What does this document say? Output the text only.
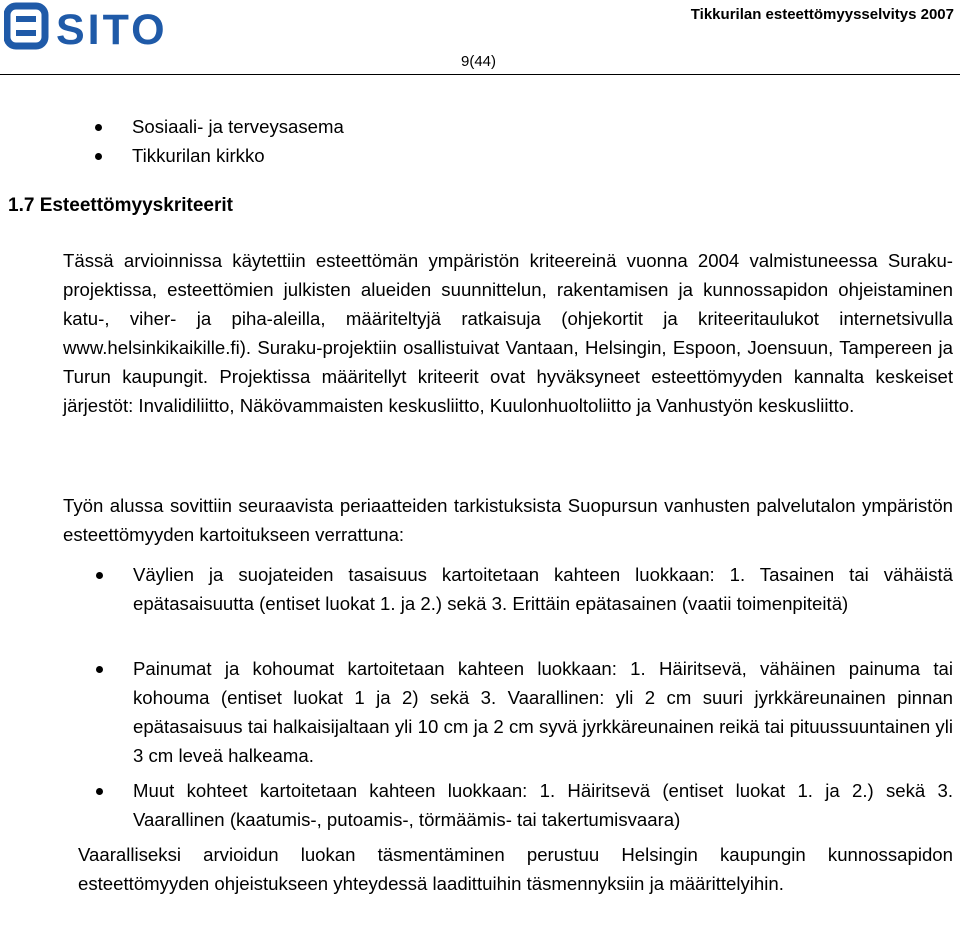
SITO	Tikkurilan esteettömyysselvitys 2007
9(44)
Sosiaali- ja terveysasema
Tikkurilan kirkko
1.7 Esteettömyyskriteerit

Tässä arvioinnissa käytettiin esteettömän ympäristön kriteereinä vuonna 2004 valmistuneessa Suraku-projektissa, esteettömien julkisten alueiden suunnittelun, rakentamisen ja kunnossapidon ohjeistaminen katu-, viher- ja piha-aleilla, määriteltyjä ratkaisuja (ohjekortit ja kriteeritaulukot internetsivulla www.helsinkikaikille.fi). Suraku-projektiin osallistuivat Vantaan, Helsingin, Espoon, Joensuun, Tampereen ja Turun kaupungit. Projektissa määritellyt kriteerit ovat hyväksyneet esteettömyyden kannalta keskeiset järjestöt: Invalidiliitto, Näkövammaisten keskusliitto, Kuulonhuoltoliitto ja Vanhustyön keskusliitto.

Työn alussa sovittiin seuraavista periaatteiden tarkistuksista Suopursun vanhusten palvelutalon ympäristön esteettömyyden kartoitukseen verrattuna:

Väylien ja suojateiden tasaisuus kartoitetaan kahteen luokkaan: 1. Tasainen tai vähäistä epätasaisuutta (entiset luokat 1. ja 2.) sekä 3. Erittäin epätasainen (vaatii toimenpiteitä)

Painumat ja kohoumat kartoitetaan kahteen luokkaan: 1. Häiritsevä, vähäinen painuma tai kohouma (entiset luokat 1 ja 2) sekä 3. Vaarallinen: yli 2 cm suuri jyrkkäreunainen pinnan epätasaisuus tai halkaisijaltaan yli 10 cm ja 2 cm syvä jyrkkäreunainen reikä tai pituussuuntainen yli 3 cm leveä halkeama.

Muut kohteet kartoitetaan kahteen luokkaan: 1. Häiritsevä (entiset luokat 1. ja 2.) sekä 3. Vaarallinen (kaatumis-, putoamis-, törmäämis- tai takertumisvaara)

Vaaralliseksi arvioidun luokan täsmentäminen perustuu Helsingin kaupungin kunnossapidon esteettömyyden ohjeistukseen yhteydessä laadittuihin täsmennyksiin ja määrittelyihin.
